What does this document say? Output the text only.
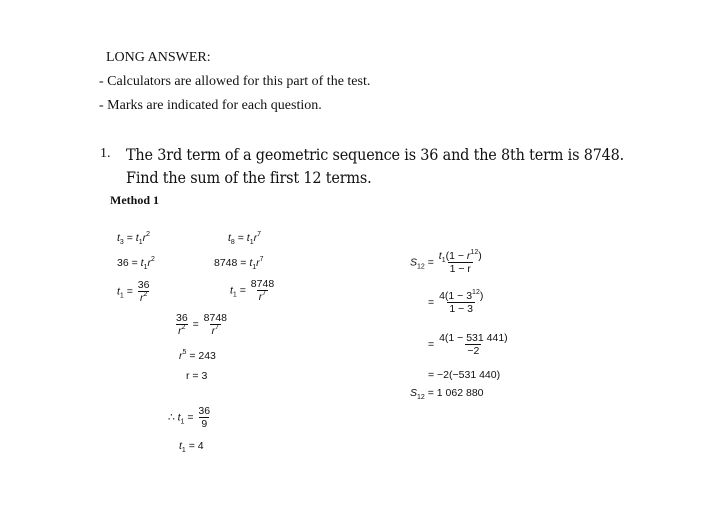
LONG ANSWER:
- Calculators are allowed for this part of the test.
- Marks are indicated for each question.
1. The 3rd term of a geometric sequence is 36 and the 8th term is 8748.
Find the sum of the first 12 terms.
Method 1
$t_3 = t_1r^2$
$36 = t_1r^2$
$t_1 = \frac{36}{r^2}$
$t_8 = t_1r^7$
$8748 = t_1r^7$
$t_1 = \frac{8748}{r^7}$
$\frac{36}{r^2} = \frac{8748}{r^7}$
$r^5 = 243$
r = 3
∴ $t_1 = \frac{36}{9}$
$t_1 = 4$
$S_{12} = \frac{t_1(1 - r^{12})}{1 - r}$
= $\frac{4(1 - 3^{12})}{1 - 3}$
= $\frac{4(1 - 531 441)}{-2}$
= −2(−531 440)
$S_{12} = 1$ 062 880
